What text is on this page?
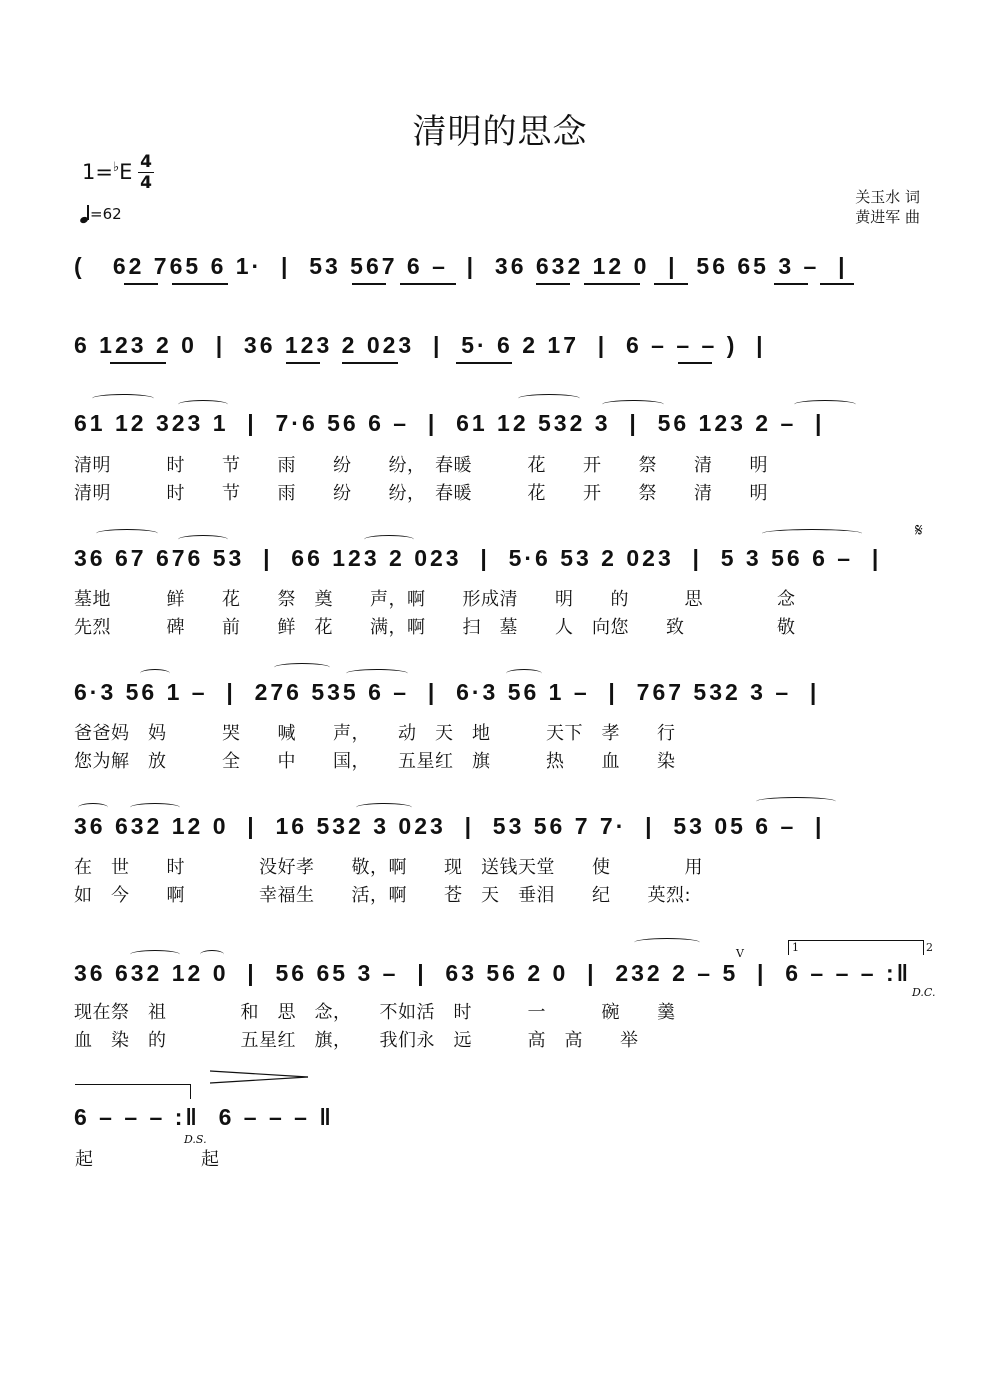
清明的思念
1=♭E 4
4
=62
关玉水 词
黄进军 曲
(   62 765 6 1·  |  53 567 6 –  |  36 632 12 0  |  56 65 3 –  |
6 123 2 0  |  36 123 2 023  |  5· 6 2 17  |  6 – – – )  |
61 12 323 1  |  7·6 56 6 –  |  61 12 532 3  |  56 123 2 –  |
清明　　　时　　节　　雨　　纷　　纷，　春暖　　　花　　开　　祭　　清　　明
清明　　　时　　节　　雨　　纷　　纷，　春暖　　　花　　开　　祭　　清　　明
36 67 676 53  |  66 123 2 023  |  5·6 53 2 023  |  5 3 56 6 –  |
𝄋
墓地　　　鲜　　花　　祭　奠　　声，啊　　形成清　　明　　的　　　思　　　　念
先烈　　　碑　　前　　鲜　花　　满，啊　　扫　墓　　人　向您　　致　　　　　敬
6·3 56 1 –  |  276 535 6 –  |  6·3 56 1 –  |  767 532 3 –  |
爸爸妈　妈　　　哭　　喊　　声，　　动　天　地　　　天下　孝　　行
您为解　放　　　全　　中　　国，　　五星红　旗　　　热　　血　　染
36 632 12 0  |  16 532 3 023  |  53 56 7 7·  |  53 05 6 –  |
在　世　　时　　　　没好孝　　敬，啊　　现　送钱天堂　　使　　　　用
如　今　　啊　　　　幸福生　　活，啊　　苍　天　垂泪　　纪　　英烈:
36 632 12 0  |  56 65 3 –  |  63 56 2 0  |  232 2 – 5  |  6 – – – :‖
1	2
V
D.C.
现在祭　祖　　　　和　思　念，　　不如活　时　　　一　　　碗　　羹
血　染　的　　　　五星红　旗，　　我们永　远　　　高　高　　举
6 – – – :‖  6 – – – ‖
D.S.
起　　　　　　起
